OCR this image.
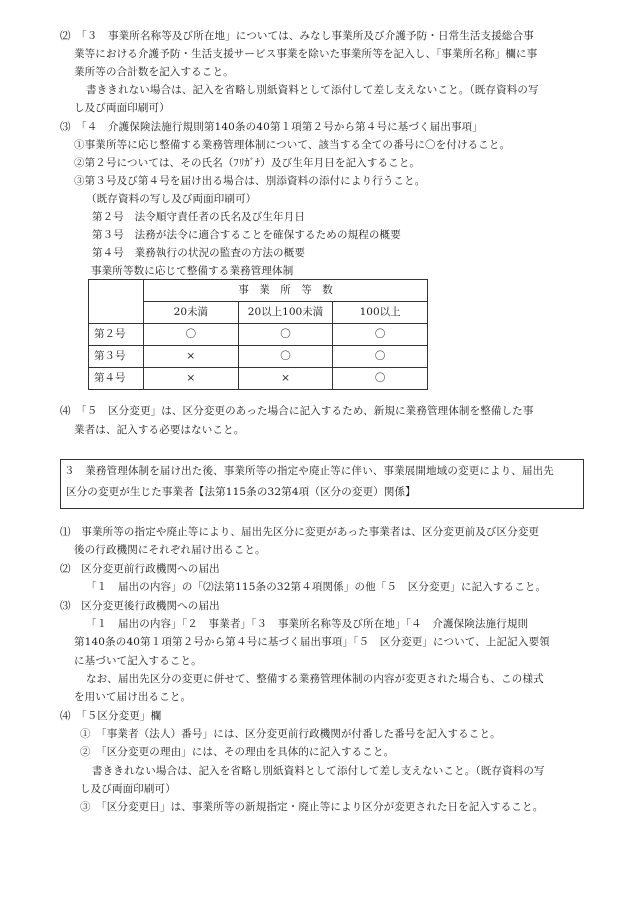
⑵　「３　事業所名称等及び所在地」については、みなし事業所及び介護予防・日常生活支援総合事
業等における介護予防・生活支援サービス事業を除いた事業所等を記入し、「事業所名称」欄に事
業所等の合計数を記入すること。
書ききれない場合は、記入を省略し別紙資料として添付して差し支えないこと。（既存資料の写
し及び両面印刷可）
⑶　「４　介護保険法施行規則第140条の40第１項第２号から第４号に基づく届出事項」
①事業所等に応じ整備する業務管理体制について、該当する全ての番号に〇を付けること。
②第２号については、その氏名（ﾌﾘｶﾞﾅ）及び生年月日を記入すること。
③第３号及び第４号を届け出る場合は、別添資料の添付により行うこと。
（既存資料の写し及び両面印刷可）
第２号　法令順守責任者の氏名及び生年月日
第３号　法務が法令に適合することを確保するための規程の概要
第４号　業務執行の状況の監査の方法の概要
事業所等数に応じて整備する業務管理体制
	事　業　所　等　数		
	20未満	20以上100未満	100以上
第２号	〇	〇	〇
第３号	×	〇	〇
第４号	×	×	〇
⑷　「５　区分変更」は、区分変更のあった場合に記入するため、新規に業務管理体制を整備した事
業者は、記入する必要はないこと。
３　業務管理体制を届け出た後、事業所等の指定や廃止等に伴い、事業展開地域の変更により、届出先
区分の変更が生じた事業者【法第115条の32第4項（区分の変更）関係】
⑴　事業所等の指定や廃止等により、届出先区分に変更があった事業者は、区分変更前及び区分変更
後の行政機関にそれぞれ届け出ること。
⑵　区分変更前行政機関への届出
「１　届出の内容」の「⑵法第115条の32第４項関係」の他「５　区分変更」に記入すること。
⑶　区分変更後行政機関への届出
「１　届出の内容」「２　事業者」「３　事業所名称等及び所在地」「４　介護保険法施行規則
第140条の40第１項第２号から第４号に基づく届出事項」「５　区分変更」について、上記記入要領
に基づいて記入すること。
なお、届出先区分の変更に併せて、整備する業務管理体制の内容が変更された場合も、この様式
を用いて届け出ること。
⑷　「５区分変更」欄
①　「事業者（法人）番号」には、区分変更前行政機関が付番した番号を記入すること。
②　「区分変更の理由」には、その理由を具体的に記入すること。
書ききれない場合は、記入を省略し別紙資料として添付して差し支えないこと。（既存資料の写
し及び両面印刷可）
③　「区分変更日」は、事業所等の新規指定・廃止等により区分が変更された日を記入すること。
